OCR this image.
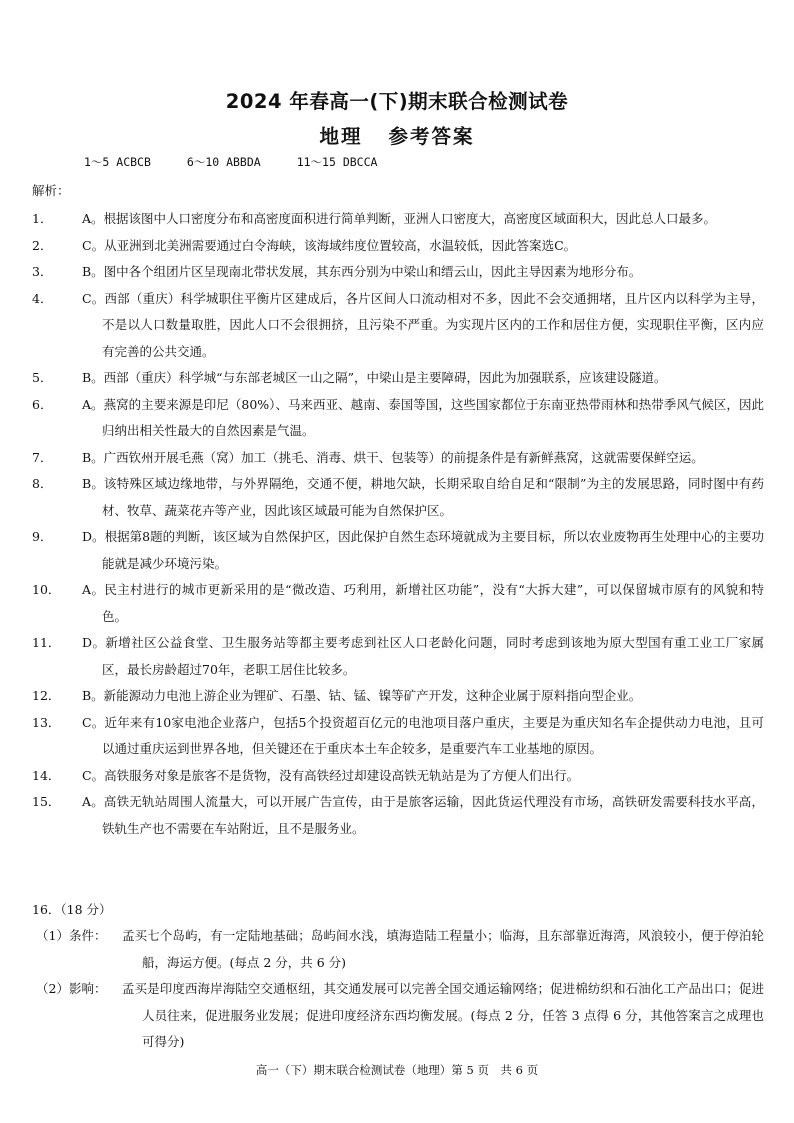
2024 年春高一(下)期末联合检测试卷
地理 参考答案
1～5 ACBCB	6～10 ABBDA	11～15 DBCCA
解析：
1． A。根据该图中人口密度分布和高密度面积进行简单判断，亚洲人口密度大，高密度区域面积大，因此总人口最多。
2． C。从亚洲到北美洲需要通过白令海峡，该海域纬度位置较高，水温较低，因此答案选C。
3． B。图中各个组团片区呈现南北带状发展，其东西分别为中梁山和缙云山，因此主导因素为地形分布。
4． C。西部（重庆）科学城职住平衡片区建成后，各片区间人口流动相对不多，因此不会交通拥堵，且片区内以科学为主导，不是以人口数量取胜，因此人口不会很拥挤，且污染不严重。为实现片区内的工作和居住方便，实现职住平衡，区内应有完善的公共交通。
5． B。西部（重庆）科学城“与东部老城区一山之隔”，中梁山是主要障碍，因此为加强联系，应该建设隧道。
6． A。燕窝的主要来源是印尼（80%）、马来西亚、越南、泰国等国，这些国家都位于东南亚热带雨林和热带季风气候区，因此归纳出相关性最大的自然因素是气温。
7． B。广西钦州开展毛燕（窝）加工（挑毛、消毒、烘干、包装等）的前提条件是有新鲜燕窝，这就需要保鲜空运。
8． B。该特殊区域边缘地带，与外界隔绝，交通不便，耕地欠缺，长期采取自给自足和“限制”为主的发展思路，同时图中有药材、牧草、蔬菜花卉等产业，因此该区域最可能为自然保护区。
9． D。根据第8题的判断，该区域为自然保护区，因此保护自然生态环境就成为主要目标，所以农业废物再生处理中心的主要功能就是减少环境污染。
10． A。民主村进行的城市更新采用的是“微改造、巧利用，新增社区功能”，没有“大拆大建”，可以保留城市原有的风貌和特色。
11． D。新增社区公益食堂、卫生服务站等都主要考虑到社区人口老龄化问题，同时考虑到该地为原大型国有重工业工厂家属区，最长房龄超过70年，老职工居住比较多。
12． B。新能源动力电池上游企业为锂矿、石墨、钴、锰、镍等矿产开发，这种企业属于原料指向型企业。
13． C。近年来有10家电池企业落户，包括5个投资超百亿元的电池项目落户重庆，主要是为重庆知名车企提供动力电池，且可以通过重庆运到世界各地，但关键还在于重庆本土车企较多，是重要汽车工业基地的原因。
14． C。高铁服务对象是旅客不是货物，没有高铁经过却建设高铁无轨站是为了方便人们出行。
15． A。高铁无轨站周围人流量大，可以开展广告宣传，由于是旅客运输，因此货运代理没有市场，高铁研发需要科技水平高，铁轨生产也不需要在车站附近，且不是服务业。
16．（18 分）
（1）条件： 孟买七个岛屿，有一定陆地基础；岛屿间水浅，填海造陆工程量小；临海，且东部靠近海湾，风浪较小，便于停泊轮船，海运方便。(每点 2 分，共 6 分)
（2）影响： 孟买是印度西海岸海陆空交通枢纽，其交通发展可以完善全国交通运输网络；促进棉纺织和石油化工产品出口；促进人员往来，促进服务业发展；促进印度经济东西均衡发展。(每点 2 分，任答 3 点得 6 分，其他答案言之成理也可得分)
高一（下）期末联合检测试卷（地理）第 5 页　共 6 页
